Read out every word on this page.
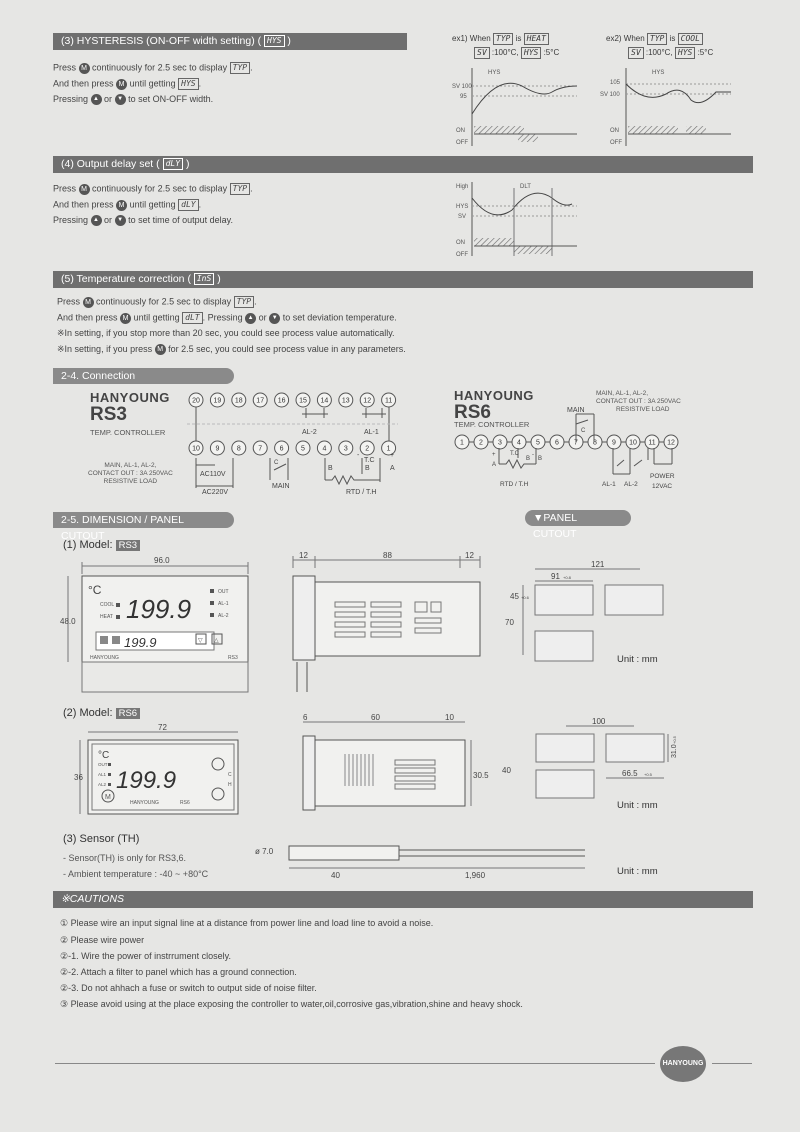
(3) HYSTERESIS (ON-OFF width setting) ( HYS )
Press M continuously for 2.5 sec to display TYP .
And then press M until getting HYS .
Pressing ▲ or ▼ to set ON-OFF width.
ex1) When TYP is HEAT
SV :100°C, HYS :5°C
SV 100
95
HYS
ON
OFF
ex2) When TYP is COOL
SV :100°C, HYS :5°C
105
SV 100
HYS
ON
OFF
(4) Output delay set ( dLY )
Press M continuously for 2.5 sec to display TYP .
And then press M until getting dLY .
Pressing ▲ or ▼ to set time of output delay.
High	DLT
HYS
SV
ON
OFF
(5) Temperature correction ( InS )
Press M continuously for 2.5 sec to display TYP .
And then press M until getting dLT . Pressing ▲ or ▼ to set deviation temperature.
※In setting, if you stop more than 20 sec, you could see process value automatically.
※In setting, if you press M for 2.5 sec, you could see process value in any parameters.
2-4. Connection
HANYOUNG
RS3
TEMP. CONTROLLER
MAIN, AL-1, AL-2,
CONTACT OUT : 3A 250VAC
RESISTIVE LOAD
20 19 18 17 16 15 14 13 12 11
10 9 8 7 6 5 4 3 2 1
AL-2	AL-1
AC110V
AC220V
C
MAIN
T.C
-	+
B	B	A
RTD / T.H
HANYOUNG
RS6
TEMP. CONTROLLER
MAIN, AL-1, AL-2,
CONTACT OUT : 3A 250VAC
RESISTIVE LOAD
1 2 3 4 5 6 7 8 9 10 11 12
MAIN
C
T.C
+	-
A
B B
RTD / T.H	AL-1 AL-2
POWER
12VAC
2-5. DIMENSION / PANEL CUTOUT
▼PANEL CUTOUT
(1) Model: RS3
96.0
48.0
°C
COOL
HEAT 199.9
OUT
AL-1
AL-2
199.9	▽ △
HANYOUNG	RS3
12	88	12
121
91 +0.8
45 +0.6
70
Unit : mm
(2) Model: RS6
72
36
°C
OUT
AL1
AL2 199.9	C
H
M
HANYOUNG	RS6
6	60	10
30.5
40
100
66.5 +0.5
31.0
+0.5
Unit : mm
(3) Sensor (TH)
- Sensor(TH) is only for RS3,6.
- Ambient temperature : -40 ~ +80°C
ø 7.0
40	1,960	Unit : mm
※CAUTIONS
① Please wire an input signal line at a distance from power line and load line to avoid a noise.
② Please wire power
②-1. Wire the power of instrrument closely.
②-2. Attach a filter to panel which has a ground connection.
②-3. Do not ahhach a fuse or switch to output side of noise filter.
③ Please avoid using at the place exposing the controller to water,oil,corrosive gas,vibration,shine and heavy shock.
HANYOUNG
